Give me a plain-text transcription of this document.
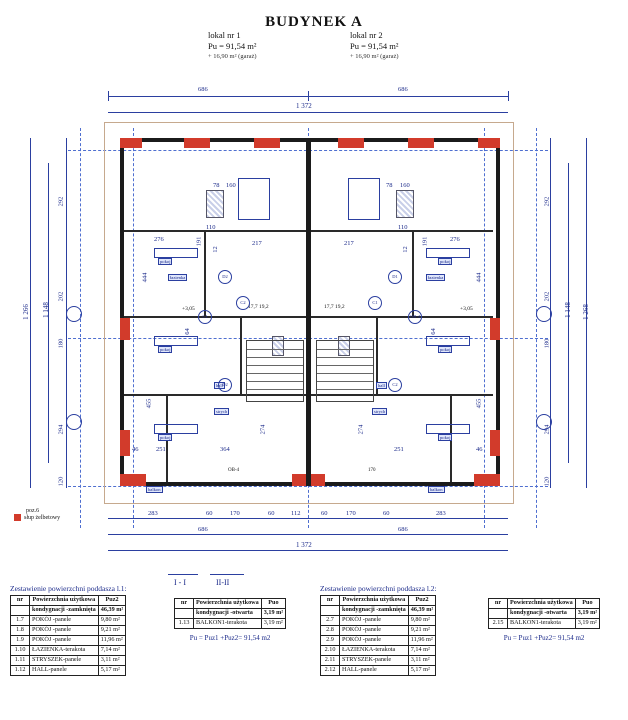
BUDYNEK A
lokal nr 1
Pu = 91,54 m²
+ 16,90 m² (garaż)
lokal nr 2
Pu = 91,54 m²
+ 16,90 m² (garaż)
686	686
1 372
283	60	170	60	112	60	170	60	283
686	686
1 372
1 266 1 148
120
294
180
202
292
120
294
180
202
292
1 148 1 268
pokoj
pokoj
pokoj
pokoj
pokoj
pokoj
hall	hall
balkon	balkon
łazienka	łazienka
strych	strych
+3,05	+3,05
17,7 19,2	17,7 19,2
78 160	78 160
110	110
276
217	217
276
191
12	12
191
444	444
64	64
455	455
274	274
46	251	364	251	46
D2	D1
D2	C2
C2	C1
C1	OB-4
OB-4	170
I - I	II-II
poz.6
słup żelbetowy
Zestawienie powierzchni poddasza l.1:
nr	Powierzchnia użytkowa	Puz2
	kondygnacji -zamknięta	46,39 m²
1.7	POKÓJ -panele	9,80 m²
1.8	POKÓJ -panele	9,21 m²
1.9	POKÓJ -panele	11,96 m²
1.10	ŁAZIENKA-terakota	7,14 m²
1.11	STRYSZEK-panele	3,11 m²
1.12	HALL-panele	5,17 m²
nr	Powierzchnia użytkowa	Puo
	kondygnacji -otwarta	3,19 m²
1.13	BALKON1-terakota	3,19 m²
Pu = Puz1 +Puz2= 91,54 m2
Zestawienie powierzchni poddasza l.2:
nr	Powierzchnia użytkowa	Puz2
	kondygnacji -zamknięta	46,39 m²
2.7	POKÓJ -panele	9,80 m²
2.8	POKÓJ -panele	9,21 m²
2.9	POKÓJ -panele	11,96 m²
2.10	ŁAZIENKA-terakota	7,14 m²
2.11	STRYSZEK-panele	3,11 m²
2.12	HALL-panele	5,17 m²
nr	Powierzchnia użytkowa	Puo
	kondygnacji -otwarta	3,19 m²
2.15	BALKON1-terakota	3,19 m²
Pu = Puz1 +Puz2= 91,54 m2
